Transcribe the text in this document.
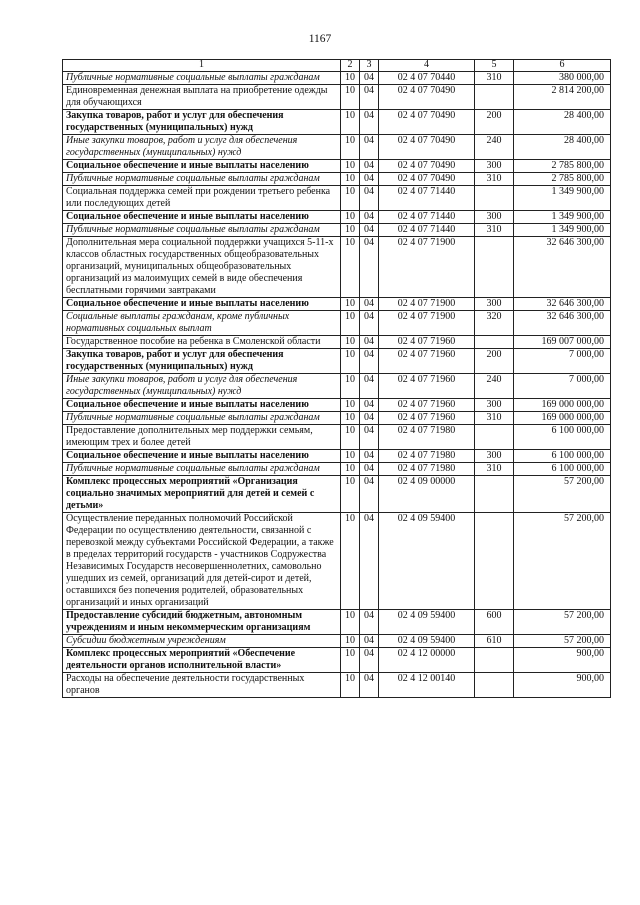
1167
1	2	3	4	5	6
Публичные нормативные социальные выплаты гражданам	10	04	02 4 07 70440	310	380 000,00
Единовременная денежная выплата на приобретение одежды для обучающихся	10	04	02 4 07 70490		2 814 200,00
Закупка товаров, работ и услуг для обеспечения государственных (муниципальных) нужд	10	04	02 4 07 70490	200	28 400,00
Иные закупки товаров, работ и услуг для обеспечения государственных (муниципальных) нужд	10	04	02 4 07 70490	240	28 400,00
Социальное обеспечение и иные выплаты населению	10	04	02 4 07 70490	300	2 785 800,00
Публичные нормативные социальные выплаты гражданам	10	04	02 4 07 70490	310	2 785 800,00
Социальная поддержка семей при рождении третьего ребенка или последующих детей	10	04	02 4 07 71440		1 349 900,00
Социальное обеспечение и иные выплаты населению	10	04	02 4 07 71440	300	1 349 900,00
Публичные нормативные социальные выплаты гражданам	10	04	02 4 07 71440	310	1 349 900,00
Дополнительная мера социальной поддержки учащихся 5-11-х классов областных государственных общеобразовательных организаций, муниципальных общеобразовательных организаций из малоимущих семей в виде обеспечения бесплатными горячими завтраками	10	04	02 4 07 71900		32 646 300,00
Социальное обеспечение и иные выплаты населению	10	04	02 4 07 71900	300	32 646 300,00
Социальные выплаты гражданам, кроме публичных нормативных социальных выплат	10	04	02 4 07 71900	320	32 646 300,00
Государственное пособие на ребенка в Смоленской области	10	04	02 4 07 71960		169 007 000,00
Закупка товаров, работ и услуг для обеспечения государственных (муниципальных) нужд	10	04	02 4 07 71960	200	7 000,00
Иные закупки товаров, работ и услуг для обеспечения государственных (муниципальных) нужд	10	04	02 4 07 71960	240	7 000,00
Социальное обеспечение и иные выплаты населению	10	04	02 4 07 71960	300	169 000 000,00
Публичные нормативные социальные выплаты гражданам	10	04	02 4 07 71960	310	169 000 000,00
Предоставление дополнительных мер поддержки семьям, имеющим трех и более детей	10	04	02 4 07 71980		6 100 000,00
Социальное обеспечение и иные выплаты населению	10	04	02 4 07 71980	300	6 100 000,00
Публичные нормативные социальные выплаты гражданам	10	04	02 4 07 71980	310	6 100 000,00
Комплекс процессных мероприятий «Организация социально значимых мероприятий для детей и семей с детьми»	10	04	02 4 09 00000		57 200,00
Осуществление переданных полномочий Российской Федерации по осуществлению деятельности, связанной с перевозкой между субъектами Российской Федерации, а также в пределах территорий государств - участников Содружества Независимых Государств несовершеннолетних, самовольно ушедших из семей, организаций для детей-сирот и детей, оставшихся без попечения родителей, образовательных организаций и иных организаций	10	04	02 4 09 59400		57 200,00
Предоставление субсидий бюджетным, автономным учреждениям и иным некоммерческим организациям	10	04	02 4 09 59400	600	57 200,00
Субсидии бюджетным учреждениям	10	04	02 4 09 59400	610	57 200,00
Комплекс процессных мероприятий «Обеспечение деятельности органов исполнительной власти»	10	04	02 4 12 00000		900,00
Расходы на обеспечение деятельности государственных органов	10	04	02 4 12 00140		900,00
